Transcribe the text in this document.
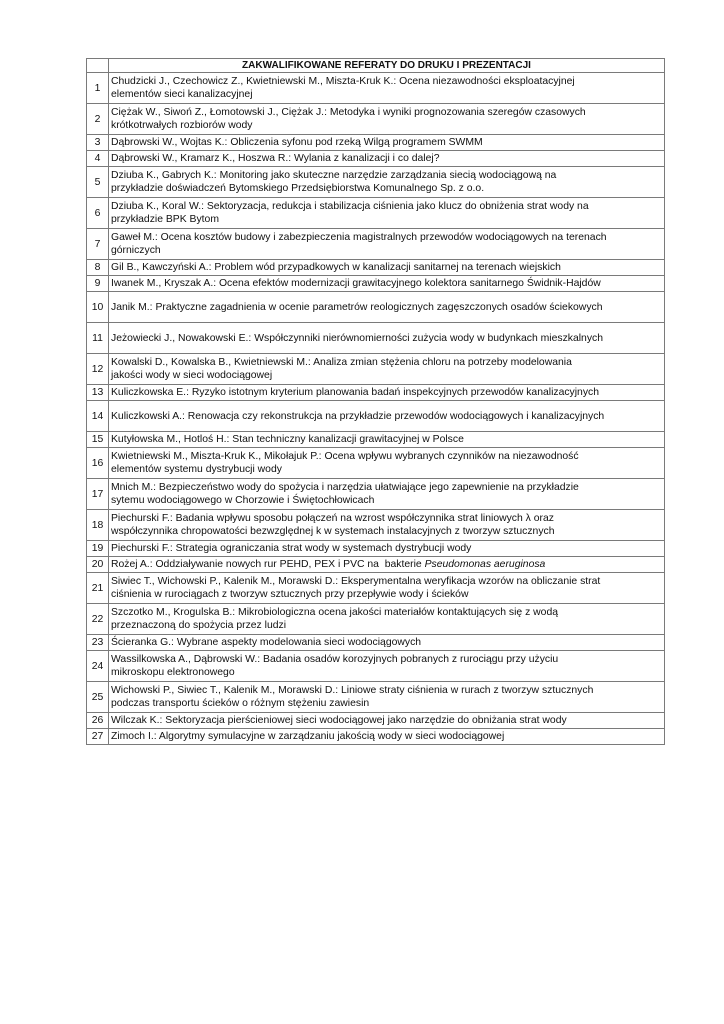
	ZAKWALIFIKOWANE REFERATY DO DRUKU I PREZENTACJI
1	Chudzicki J., Czechowicz Z., Kwietniewski M., Miszta-Kruk K.: Ocena niezawodności eksploatacyjnej
elementów sieci kanalizacyjnej

2	Ciężak W., Siwoń Z., Łomotowski J., Ciężak J.: Metodyka i wyniki prognozowania szeregów czasowych
krótkotrwałych rozbiorów wody

3	Dąbrowski W., Wojtas K.: Obliczenia syfonu pod rzeką Wilgą programem SWMM

4	Dąbrowski W., Kramarz K., Hoszwa R.: Wylania z kanalizacji i co dalej?

5	Dziuba K., Gabrych K.: Monitoring jako skuteczne narzędzie zarządzania siecią wodociągową na
przykładzie doświadczeń Bytomskiego Przedsiębiorstwa Komunalnego Sp. z o.o.

6	Dziuba K., Koral W.: Sektoryzacja, redukcja i stabilizacja ciśnienia jako klucz do obniżenia strat wody na
przykładzie BPK Bytom

7	Gaweł M.: Ocena kosztów budowy i zabezpieczenia magistralnych przewodów wodociągowych na terenach
górniczych

8	Gil B., Kawczyński A.: Problem wód przypadkowych w kanalizacji sanitarnej na terenach wiejskich

9	Iwanek M., Kryszak A.: Ocena efektów modernizacji grawitacyjnego kolektora sanitarnego Świdnik-Hajdów

10	Janik M.: Praktyczne zagadnienia w ocenie parametrów reologicznych zagęszczonych osadów ściekowych

11	Jeżowiecki J., Nowakowski E.: Współczynniki nierównomierności zużycia wody w budynkach mieszkalnych

12	Kowalski D., Kowalska B., Kwietniewski M.: Analiza zmian stężenia chloru na potrzeby modelowania
jakości wody w sieci wodociągowej

13	Kuliczkowska E.: Ryzyko istotnym kryterium planowania badań inspekcyjnych przewodów kanalizacyjnych

14	Kuliczkowski A.: Renowacja czy rekonstrukcja na przykładzie przewodów wodociągowych i kanalizacyjnych

15	Kutyłowska M., Hotloś H.: Stan techniczny kanalizacji grawitacyjnej w Polsce

16	Kwietniewski M., Miszta-Kruk K., Mikołajuk P.: Ocena wpływu wybranych czynników na niezawodność
elementów systemu dystrybucji wody

17	Mnich M.: Bezpieczeństwo wody do spożycia i narzędzia ułatwiające jego zapewnienie na przykładzie
sytemu wodociągowego w Chorzowie i Świętochłowicach

18	Piechurski F.: Badania wpływu sposobu połączeń na wzrost współczynnika strat liniowych λ oraz
współczynnika chropowatości bezwzględnej k w systemach instalacyjnych z tworzyw sztucznych

19	Piechurski F.: Strategia ograniczania strat wody w systemach dystrybucji wody

20	Rożej A.: Oddziaływanie nowych rur PEHD, PEX i PVC na  bakterie Pseudomonas aeruginosa

21	Siwiec T., Wichowski P., Kalenik M., Morawski D.: Eksperymentalna weryfikacja wzorów na obliczanie strat
ciśnienia w rurociągach z tworzyw sztucznych przy przepływie wody i ścieków

22	Szczotko M., Krogulska B.: Mikrobiologiczna ocena jakości materiałów kontaktujących się z wodą
przeznaczoną do spożycia przez ludzi

23	Ścieranka G.: Wybrane aspekty modelowania sieci wodociągowych

24	Wassilkowska A., Dąbrowski W.: Badania osadów korozyjnych pobranych z rurociągu przy użyciu
mikroskopu elektronowego

25	Wichowski P., Siwiec T., Kalenik M., Morawski D.: Liniowe straty ciśnienia w rurach z tworzyw sztucznych
podczas transportu ścieków o różnym stężeniu zawiesin

26	Wilczak K.: Sektoryzacja pierścieniowej sieci wodociągowej jako narzędzie do obniżania strat wody

27	Zimoch I.: Algorytmy symulacyjne w zarządzaniu jakością wody w sieci wodociągowej
